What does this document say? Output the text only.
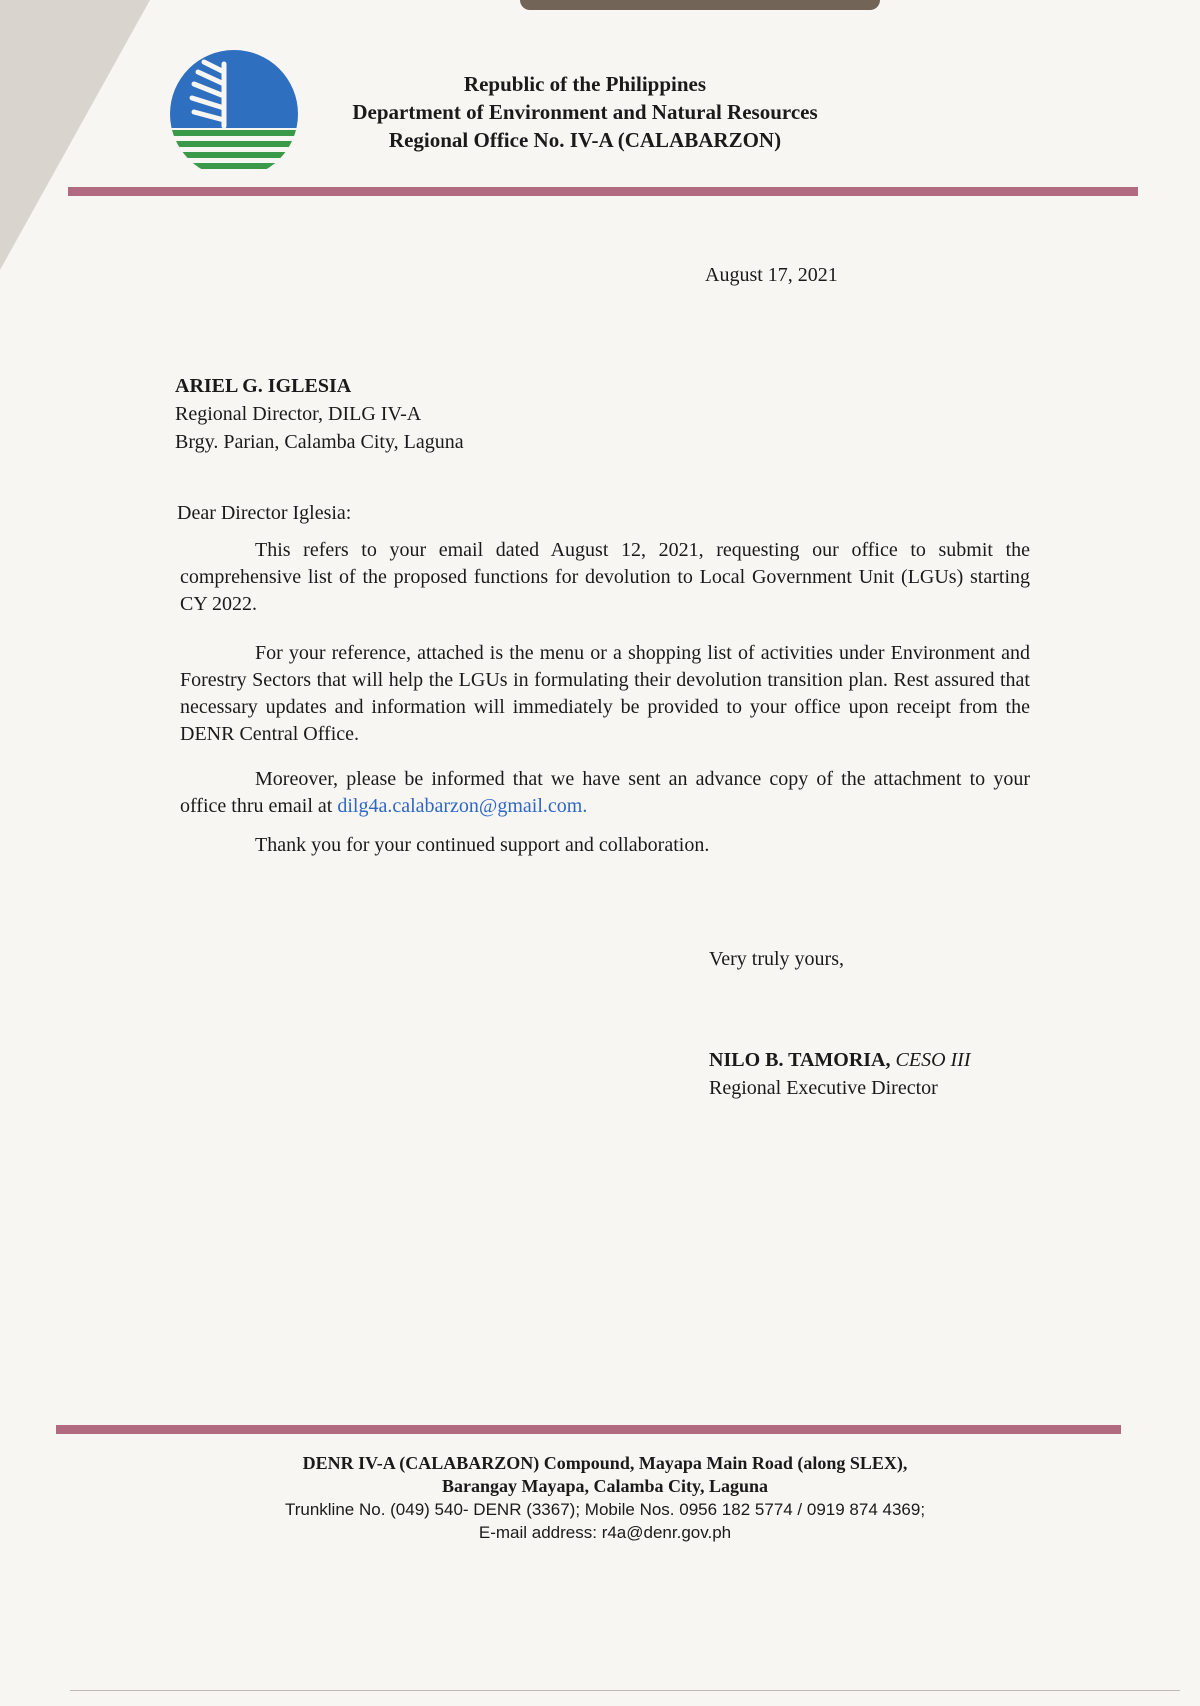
Republic of the Philippines
Department of Environment and Natural Resources
Regional Office No. IV-A (CALABARZON)
August 17, 2021
ARIEL G. IGLESIA
Regional Director, DILG IV-A
Brgy. Parian, Calamba City, Laguna
Dear Director Iglesia:
This refers to your email dated August 12, 2021, requesting our office to submit the comprehensive list of the proposed functions for devolution to Local Government Unit (LGUs) starting CY 2022.
For your reference, attached is the menu or a shopping list of activities under Environment and Forestry Sectors that will help the LGUs in formulating their devolution transition plan. Rest assured that necessary updates and information will immediately be provided to your office upon receipt from the DENR Central Office.
Moreover, please be informed that we have sent an advance copy of the attachment to your office thru email at dilg4a.calabarzon@gmail.com.
Thank you for your continued support and collaboration.
Very truly yours,
NILO B. TAMORIA, CESO III
Regional Executive Director
DENR IV-A (CALABARZON) Compound, Mayapa Main Road (along SLEX),
Barangay Mayapa, Calamba City, Laguna
Trunkline No. (049) 540- DENR (3367); Mobile Nos. 0956 182 5774 / 0919 874 4369;
E-mail address: r4a@denr.gov.ph
